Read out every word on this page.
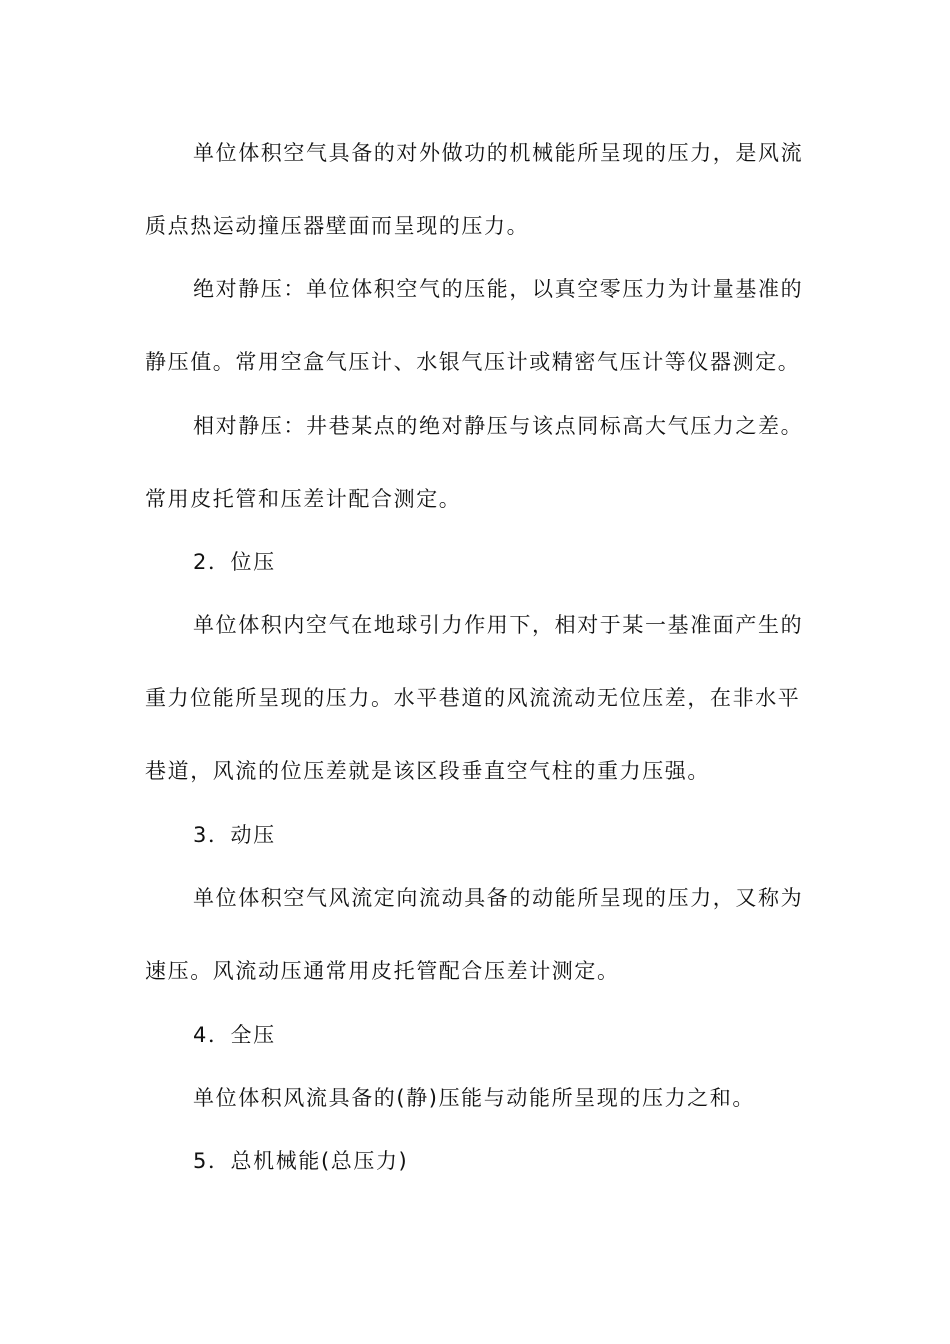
单位体积空气具备的对外做功的机械能所呈现的压力，是风流
质点热运动撞压器壁面而呈现的压力。
绝对静压：单位体积空气的压能，以真空零压力为计量基准的
静压值。常用空盒气压计、水银气压计或精密气压计等仪器测定。
相对静压：井巷某点的绝对静压与该点同标高大气压力之差。
常用皮托管和压差计配合测定。
2．位压
单位体积内空气在地球引力作用下，相对于某一基准面产生的
重力位能所呈现的压力。水平巷道的风流流动无位压差，在非水平
巷道，风流的位压差就是该区段垂直空气柱的重力压强。
3．动压
单位体积空气风流定向流动具备的动能所呈现的压力，又称为
速压。风流动压通常用皮托管配合压差计测定。
4．全压
单位体积风流具备的(静)压能与动能所呈现的压力之和。
5．总机械能(总压力)
